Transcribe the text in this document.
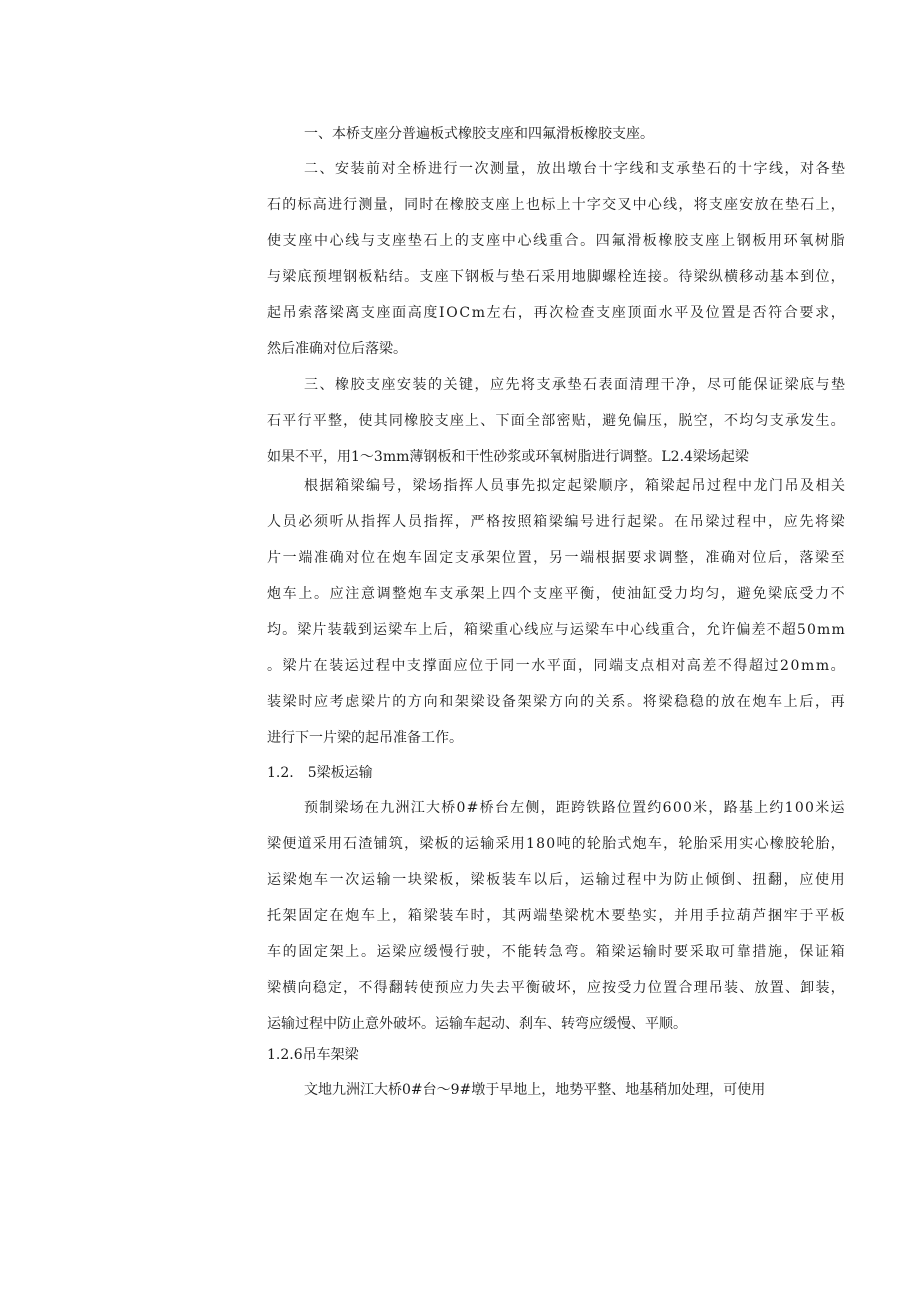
一、本桥支座分普遍板式橡胶支座和四氟滑板橡胶支座。
二 、 安 装 前 对 全 桥 进 行 一 次 测 量 ， 放 出 墩 台 十 字 线 和 支 承 垫 石 的 十 字 线 ， 对 各 垫
石 的 标 高 进 行 测 量 ， 同 时 在 橡 胶 支 座 上 也 标 上 十 字 交 叉 中 心 线 ， 将 支 座 安 放 在 垫 石 上 ，
使 支 座 中 心 线 与 支 座 垫 石 上 的 支 座 中 心 线 重 合 。 四 氟 滑 板 橡 胶 支 座 上 钢 板 用 环 氧 树 脂
与 梁 底 预 埋 钢 板 粘 结 。 支 座 下 钢 板 与 垫 石 采 用 地 脚 螺 栓 连 接 。 待 梁 纵 横 移 动 基 本 到 位 ，
起 吊 索 落 梁 离 支 座 面 高 度 I O C m 左 右 ， 再 次 检 查 支 座 顶 面 水 平 及 位 置 是 否 符 合 要 求 ，
然后准确对位后落梁。
三 、 橡 胶 支 座 安 装 的 关 键 ， 应 先 将 支 承 垫 石 表 面 清 理 干 净 ， 尽 可 能 保 证 梁 底 与 垫
石 平 行 平 整 ， 使 其 同 橡 胶 支 座 上 、 下 面 全 部 密 贴 ， 避 免 偏 压 ， 脱 空 ， 不 均 匀 支 承 发 生 。
如果不平，用1～3mm薄钢板和干性砂浆或环氧树脂进行调整。L2.4梁场起梁
根 据 箱 梁 编 号 ， 梁 场 指 挥 人 员 事 先 拟 定 起 梁 顺 序 ， 箱 梁 起 吊 过 程 中 龙 门 吊 及 相 关
人 员 必 须 听 从 指 挥 人 员 指 挥 ， 严 格 按 照 箱 梁 编 号 进 行 起 梁 。 在 吊 梁 过 程 中 ， 应 先 将 梁
片 一 端 准 确 对 位 在 炮 车 固 定 支 承 架 位 置 ， 另 一 端 根 据 要 求 调 整 ， 准 确 对 位 后 ， 落 梁 至
炮 车 上 。 应 注 意 调 整 炮 车 支 承 架 上 四 个 支 座 平 衡 ， 使 油 缸 受 力 均 匀 ， 避 免 梁 底 受 力 不
均 。 梁 片 装 载 到 运 梁 车 上 后 ， 箱 梁 重 心 线 应 与 运 梁 车 中 心 线 重 合 ， 允 许 偏 差 不 超 5 0 m m
。 梁 片 在 装 运 过 程 中 支 撑 面 应 位 于 同 一 水 平 面 ， 同 端 支 点 相 对 高 差 不 得 超 过 2 0 m m 。
装 梁 时 应 考 虑 梁 片 的 方 向 和 架 梁 设 备 架 梁 方 向 的 关 系 。 将 梁 稳 稳 的 放 在 炮 车 上 后 ， 再
进行下一片梁的起吊准备工作。
1.2.　5梁板运输
预 制 梁 场 在 九 洲 江 大 桥 0 # 桥 台 左 侧 ， 距 跨 铁 路 位 置 约 6 0 0 米 ， 路 基 上 约 1 0 0 米 运
梁 便 道 采 用 石 渣 铺 筑 ， 梁 板 的 运 输 采 用 1 8 0 吨 的 轮 胎 式 炮 车 ， 轮 胎 采 用 实 心 橡 胶 轮 胎 ，
运 梁 炮 车 一 次 运 输 一 块 梁 板 ， 梁 板 装 车 以 后 ， 运 输 过 程 中 为 防 止 倾 倒 、 扭 翻 ， 应 使 用
托 架 固 定 在 炮 车 上 ， 箱 梁 装 车 时 ， 其 两 端 垫 梁 枕 木 要 垫 实 ， 并 用 手 拉 葫 芦 捆 牢 于 平 板
车 的 固 定 架 上 。 运 梁 应 缓 慢 行 驶 ， 不 能 转 急 弯 。 箱 梁 运 输 时 要 采 取 可 靠 措 施 ， 保 证 箱
梁 横 向 稳 定 ， 不 得 翻 转 使 预 应 力 失 去 平 衡 破 坏 ， 应 按 受 力 位 置 合 理 吊 装 、 放 置 、 卸 装 ，
运输过程中防止意外破坏。运输车起动、刹车、转弯应缓慢、平顺。
1.2.6吊车架梁
文地九洲江大桥0#台～9#墩于早地上，地势平整、地基稍加处理，可使用
